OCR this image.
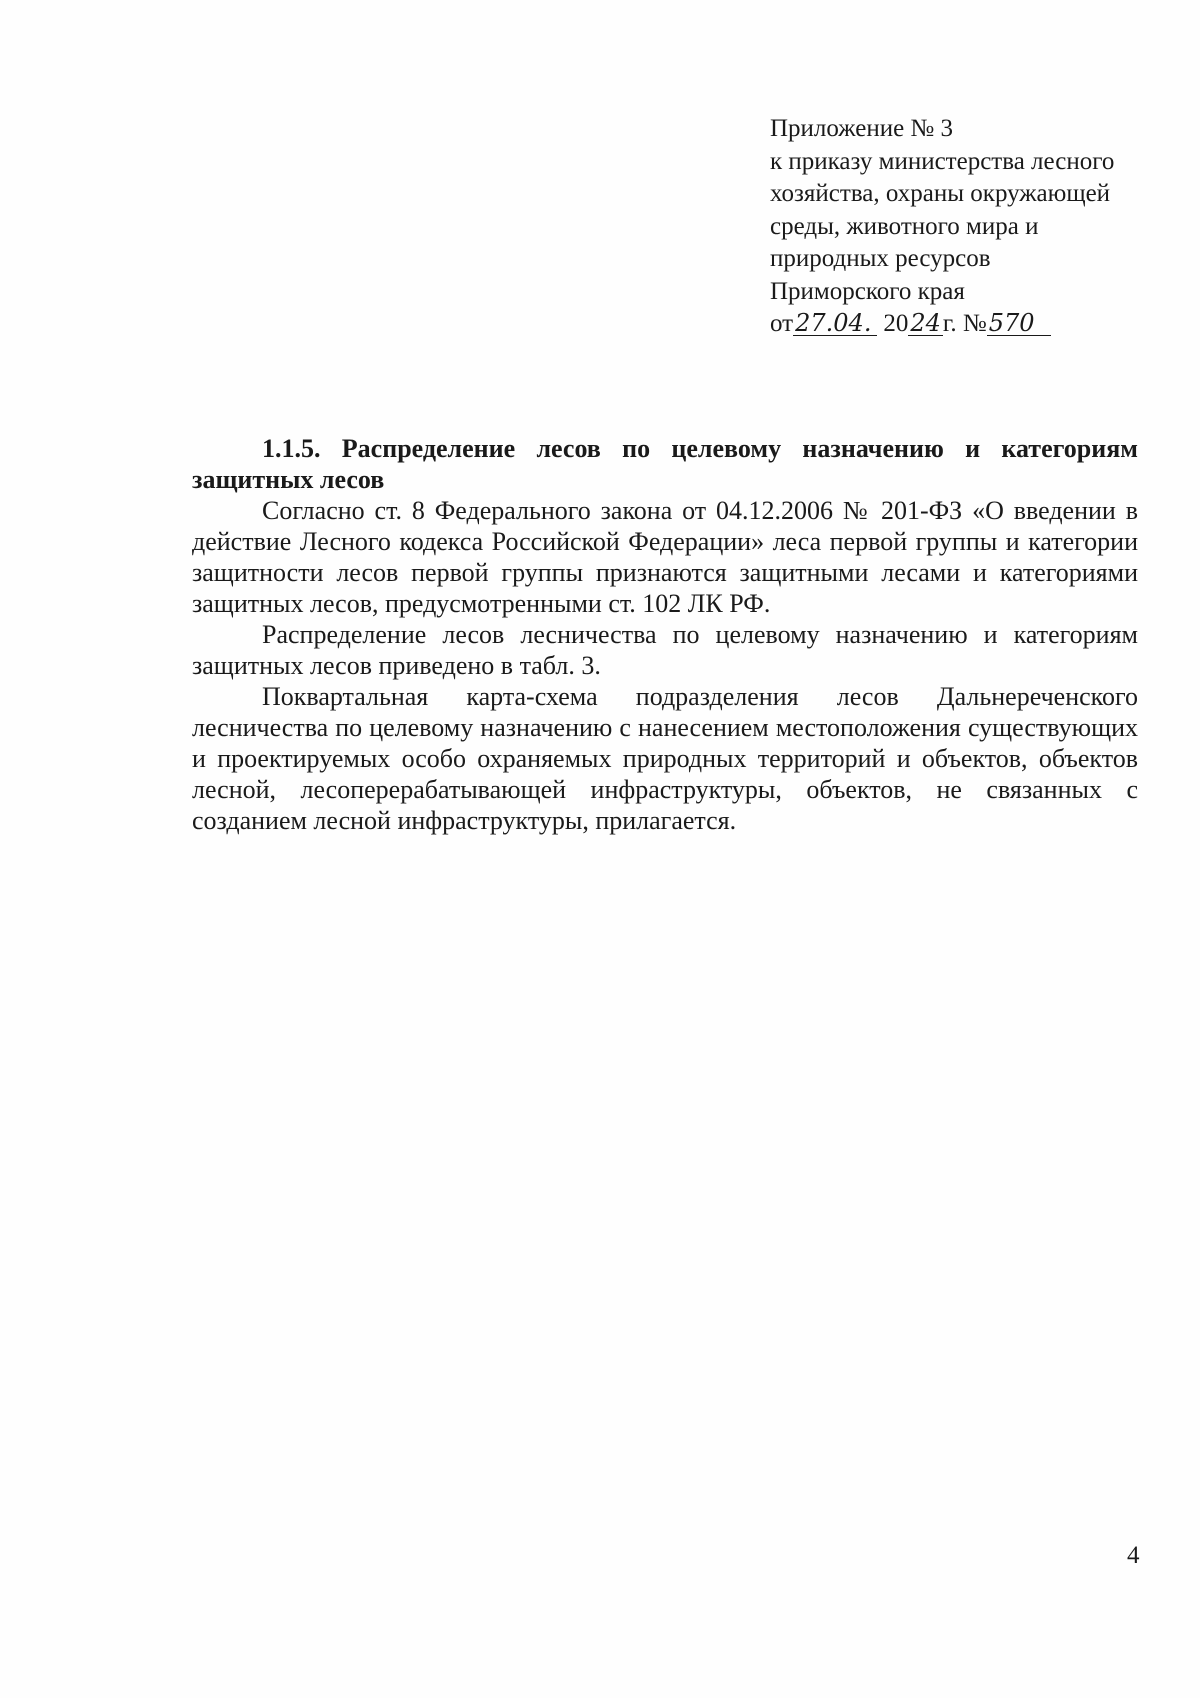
Приложение № 3
к приказу министерства лесного
хозяйства, охраны окружающей
среды, животного мира и
природных ресурсов
Приморского края
от27.04. 2024г. №570

1.1.5. Распределение лесов по целевому назначению и категориям защитных лесов

Согласно ст. 8 Федерального закона от 04.12.2006 № 201-ФЗ «О введении в действие Лесного кодекса Российской Федерации» леса первой группы и категории защитности лесов первой группы признаются защитными лесами и категориями защитных лесов, предусмотренными ст. 102 ЛК РФ.

Распределение лесов лесничества по целевому назначению и категориям защитных лесов приведено в табл. 3.

Поквартальная карта-схема подразделения лесов Дальнереченского лесничества по целевому назначению с нанесением местоположения существующих и проектируемых особо охраняемых природных территорий и объектов, объектов лесной, лесоперерабатывающей инфраструктуры, объектов, не связанных с созданием лесной инфраструктуры, прилагается.

4
